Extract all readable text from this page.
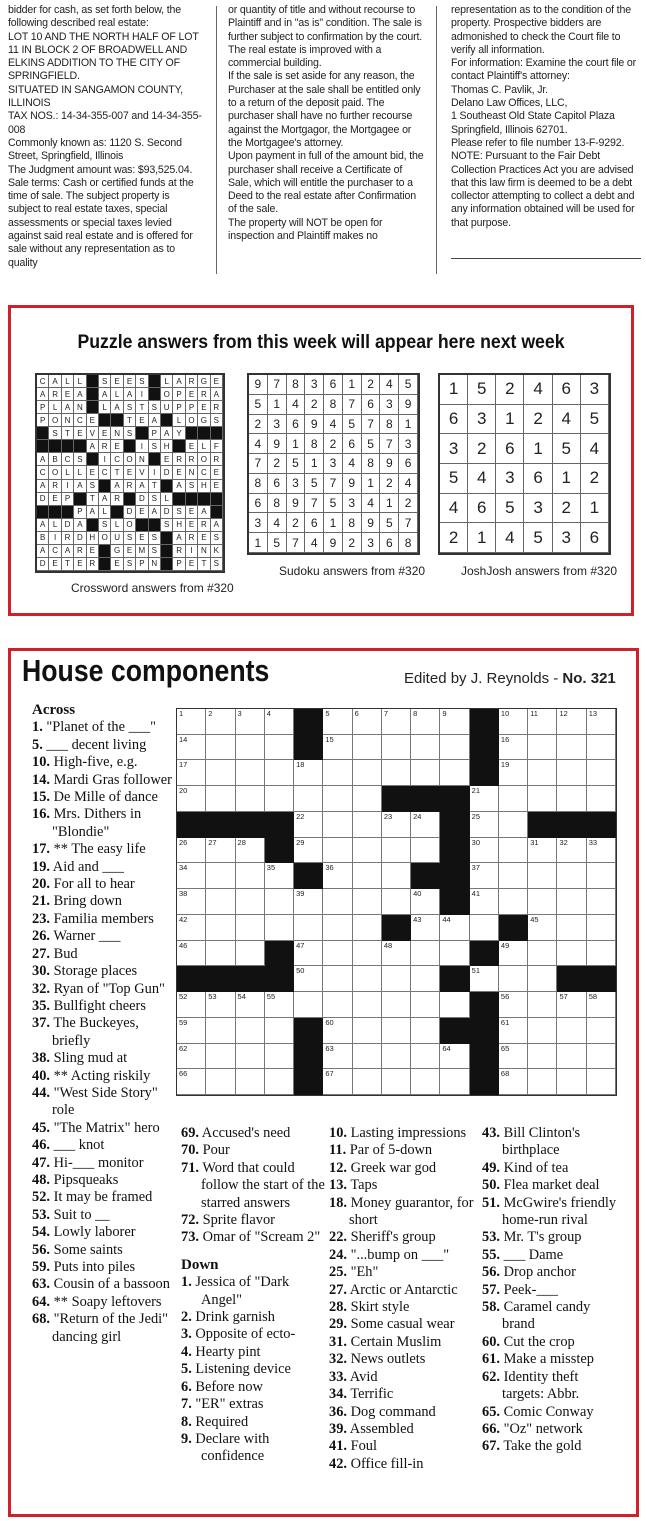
bidder for cash, as set forth below, the following described real estate:

LOT 10 AND THE NORTH HALF OF LOT 11 IN BLOCK 2 OF BROADWELL AND ELKINS ADDITION TO THE CITY OF SPRINGFIELD.

SITUATED IN SANGAMON COUNTY, ILLINOIS

TAX NOS.: 14-34-355-007 and 14-34-355-008

Commonly known as: 1120 S. Second Street, Springfield, Illinois

The Judgment amount was: $93,525.04.

Sale terms: Cash or certified funds at the time of sale. The subject property is subject to real estate taxes, special assessments or special taxes levied against said real estate and is offered for sale without any representation as to quality

or quantity of title and without recourse to Plaintiff and in "as is" condition. The sale is further subject to confirmation by the court.

The real estate is improved with a commercial building.

If the sale is set aside for any reason, the Purchaser at the sale shall be entitled only to a return of the deposit paid. The purchaser shall have no further recourse against the Mortgagor, the Mortgagee or the Mortgagee's attorney.

Upon payment in full of the amount bid, the purchaser shall receive a Certificate of Sale, which will entitle the purchaser to a Deed to the real estate after Confirmation of the sale.

The property will NOT be open for inspection and Plaintiff makes no

representation as to the condition of the property. Prospective bidders are admonished to check the Court file to verify all information.

For information: Examine the court file or contact Plaintiff's attorney:

Thomas C. Pavlik, Jr.

Delano Law Offices, LLC,

1 Southeast Old State Capitol Plaza

Springfield, Illinois 62701.

Please refer to file number 13-F-9292.

NOTE: Pursuant to the Fair Debt Collection Practices Act you are advised that this law firm is deemed to be a debt collector attempting to collect a debt and any information obtained will be used for that purpose.

Puzzle answers from this week will appear here next week
C A L L	S E E S	L A R G E
A R E A	A L A	I	O P E R A
P L A N	L A S T S U P P E R
P O N C E	T E A	L O G S
S T E V E N S	P A Y
A R E	I	S H	E L F
A B C S	I	C O N	E R R O R
C O L L E C T E V	I	D E N C E
A R	I	A S	A R A T	A S H E
D E P	T A R	D S L
P A L	D E A D S E A
A L D A	S L O	S H E R A
B	I	R D H O U S E S	A R E S
A C A R E	G E M S	R	I	N K
D E T E R	E S P N	P E T S
Crossword answers from #320
9	7	8	3	6	1	2	4	5
5	1	4	2	8	7	6	3	9
2	3	6	9	4	5	7	8	1
4	9	1	8	2	6	5	7	3
7	2	5	1	3	4	8	9	6
8	6	3	5	7	9	1	2	4
6	8	9	7	5	3	4	1	2
3	4	2	6	1	8	9	5	7
1	5	7	4	9	2	3	6	8
Sudoku answers from #320
1	5	2	4	6	3
6	3	1	2	4	5
3	2	6	1	5	4
5	4	3	6	1	2
4	6	5	3	2	1
2	1	4	5	3	6
JoshJosh answers from #320
House components	Edited by J. Reynolds - No. 321
1	2	3	4	5	6	7	8	9	10	11	12	13
14	15	16
17	18	19
20	21
22	23	24	25
26	27	28	29	30	31	32	33
34	35	36	37
38	39	40	41
42	43	44	45
46	47	48	49
50	51
52	53	54	55	56	57	58
59	60	61
62	63	64	65
66	67	68
Across
1. "Planet of the ___"
5. ___ decent living
10. High-five, e.g.
14. Mardi Gras follower
15. De Mille of dance
16. Mrs. Dithers in "Blondie"
17. ** The easy life
19. Aid and ___
20. For all to hear
21. Bring down
23. Familia members
26. Warner ___
27. Bud
30. Storage places
32. Ryan of "Top Gun"
35. Bullfight cheers
37. The Buckeyes, briefly
38. Sling mud at
40. ** Acting riskily
44. "West Side Story" role
45. "The Matrix" hero
46. ___ knot
47. Hi-___ monitor
48. Pipsqueaks
52. It may be framed
53. Suit to __
54. Lowly laborer
56. Some saints
59. Puts into piles
63. Cousin of a bassoon
64. ** Soapy leftovers
68. "Return of the Jedi" dancing girl
69. Accused's need
70. Pour
71. Word that could follow the start of the starred answers
72. Sprite flavor
73. Omar of "Scream 2"
Down
1. Jessica of "Dark Angel"
2. Drink garnish
3. Opposite of ecto-
4. Hearty pint
5. Listening device
6. Before now
7. "ER" extras
8. Required
9. Declare with confidence
10. Lasting impressions
11. Par of 5-down
12. Greek war god
13. Taps
18. Money guarantor, for short
22. Sheriff's group
24. "...bump on ___"
25. "Eh"
27. Arctic or Antarctic
28. Skirt style
29. Some casual wear
31. Certain Muslim
32. News outlets
33. Avid
34. Terrific
36. Dog command
39. Assembled
41. Foul
42. Office fill-in
43. Bill Clinton's birthplace
49. Kind of tea
50. Flea market deal
51. McGwire's friendly home-run rival
53. Mr. T's group
55. ___ Dame
56. Drop anchor
57. Peek-___
58. Caramel candy brand
60. Cut the crop
61. Make a misstep
62. Identity theft targets: Abbr.
65. Comic Conway
66. "Oz" network
67. Take the gold
